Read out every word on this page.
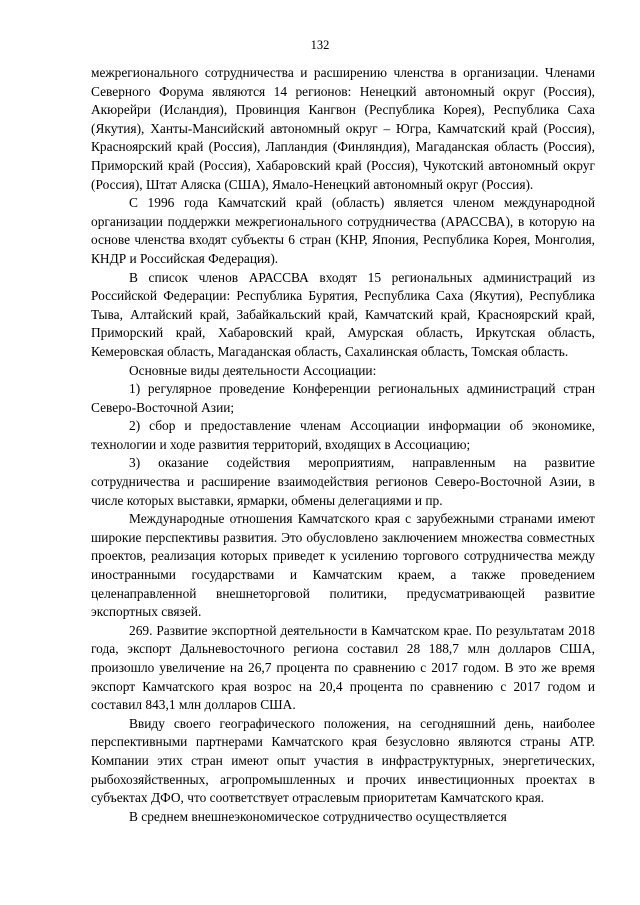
132

межрегионального сотрудничества и расширению членства в организации. Членами Северного Форума являются 14 регионов: Ненецкий автономный округ (Россия), Акюрейри (Исландия), Провинция Кангвон (Республика Корея), Республика Саха (Якутия), Ханты-Мансийский автономный округ – Югра, Камчатский край (Россия), Красноярский край (Россия), Лапландия (Финляндия), Магаданская область (Россия), Приморский край (Россия), Хабаровский край (Россия), Чукотский автономный округ (Россия), Штат Аляска (США), Ямало-Ненецкий автономный округ (Россия).

С 1996 года Камчатский край (область) является членом международной организации поддержки межрегионального сотрудничества (АРАССВА), в которую на основе членства входят субъекты 6 стран (КНР, Япония, Республика Корея, Монголия, КНДР и Российская Федерация).

В список членов АРАССВА входят 15 региональных администраций из Российской Федерации: Республика Бурятия, Республика Саха (Якутия), Республика Тыва, Алтайский край, Забайкальский край, Камчатский край, Красноярский край, Приморский край, Хабаровский край, Амурская область, Иркутская область, Кемеровская область, Магаданская область, Сахалинская область, Томская область.

Основные виды деятельности Ассоциации:

1) регулярное проведение Конференции региональных администраций стран Северо-Восточной Азии;

2) сбор и предоставление членам Ассоциации информации об экономике, технологии и ходе развития территорий, входящих в Ассоциацию;

3) оказание содействия мероприятиям, направленным на развитие сотрудничества и расширение взаимодействия регионов Северо-Восточной Азии, в числе которых выставки, ярмарки, обмены делегациями и пр.

Международные отношения Камчатского края с зарубежными странами имеют широкие перспективы развития. Это обусловлено заключением множества совместных проектов, реализация которых приведет к усилению торгового сотрудничества между иностранными государствами и Камчатским краем, а также проведением целенаправленной внешнеторговой политики, предусматривающей развитие экспортных связей.

269. Развитие экспортной деятельности в Камчатском крае. По результатам 2018 года, экспорт Дальневосточного региона составил 28 188,7 млн долларов США, произошло увеличение на 26,7 процента по сравнению с 2017 годом. В это же время экспорт Камчатского края возрос на 20,4 процента по сравнению с 2017 годом и составил 843,1 млн долларов США.

Ввиду своего географического положения, на сегодняшний день, наиболее перспективными партнерами Камчатского края безусловно являются страны АТР. Компании этих стран имеют опыт участия в инфраструктурных, энергетических, рыбохозяйственных, агропромышленных и прочих инвестиционных проектах в субъектах ДФО, что соответствует отраслевым приоритетам Камчатского края.

В среднем внешнеэкономическое сотрудничество осуществляется
